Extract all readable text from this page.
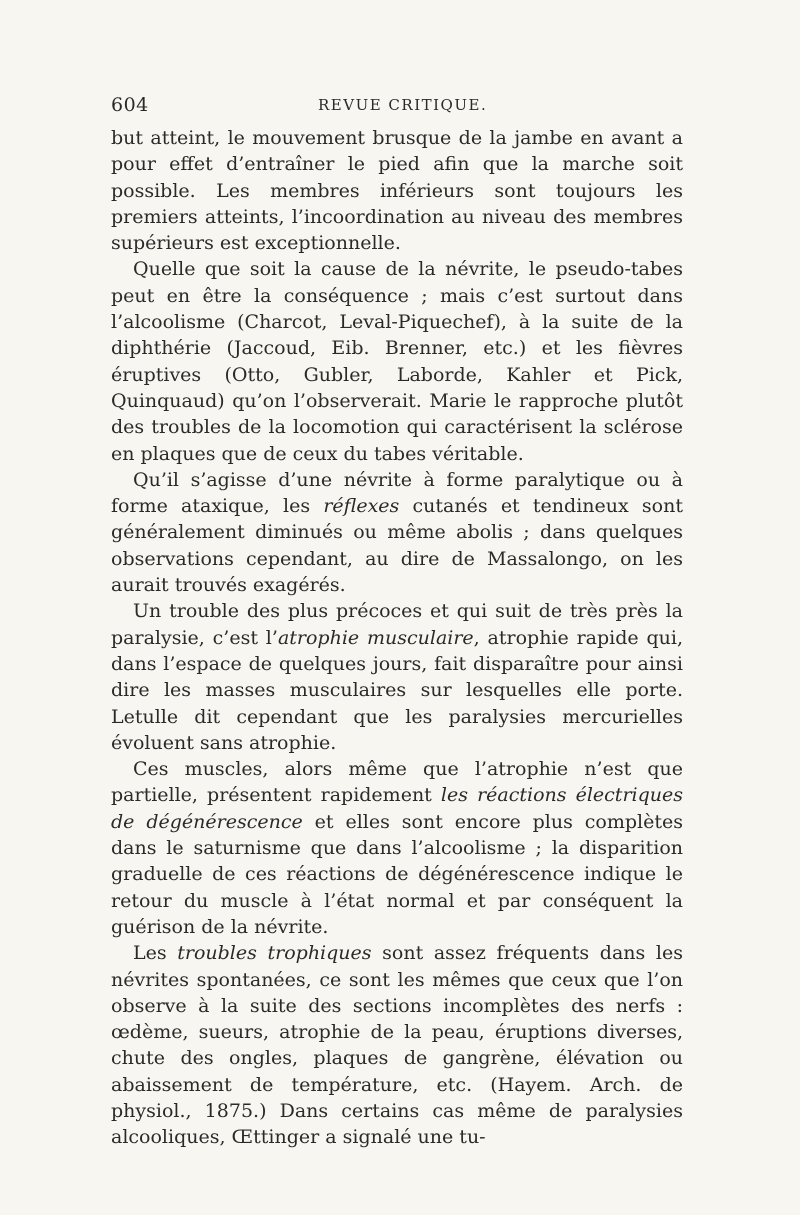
604	REVUE CRITIQUE.

but atteint, le mouvement brusque de la jambe en avant a pour effet d’entraîner le pied afin que la marche soit possible. Les membres inférieurs sont toujours les premiers atteints, l’incoordination au niveau des membres supérieurs est exceptionnelle.

Quelle que soit la cause de la névrite, le pseudo-tabes peut en être la conséquence ; mais c’est surtout dans l’alcoolisme (Charcot, Leval-Piquechef), à la suite de la diphthérie (Jaccoud, Eib. Brenner, etc.) et les fièvres éruptives (Otto, Gubler, Laborde, Kahler et Pick, Quinquaud) qu’on l’observerait. Marie le rapproche plutôt des troubles de la locomotion qui caractérisent la sclérose en plaques que de ceux du tabes véritable.

Qu’il s’agisse d’une névrite à forme paralytique ou à forme ataxique, les réflexes cutanés et tendineux sont généralement diminués ou même abolis ; dans quelques observations cependant, au dire de Massalongo, on les aurait trouvés exagérés.

Un trouble des plus précoces et qui suit de très près la paralysie, c’est l’atrophie musculaire, atrophie rapide qui, dans l’espace de quelques jours, fait disparaître pour ainsi dire les masses musculaires sur lesquelles elle porte. Letulle dit cependant que les paralysies mercurielles évoluent sans atrophie.

Ces muscles, alors même que l’atrophie n’est que partielle, présentent rapidement les réactions électriques de dégénérescence et elles sont encore plus complètes dans le saturnisme que dans l’alcoolisme ; la disparition graduelle de ces réactions de dégénérescence indique le retour du muscle à l’état normal et par conséquent la guérison de la névrite.

Les troubles trophiques sont assez fréquents dans les névrites spontanées, ce sont les mêmes que ceux que l’on observe à la suite des sections incomplètes des nerfs : œdème, sueurs, atrophie de la peau, éruptions diverses, chute des ongles, plaques de gangrène, élévation ou abaissement de température, etc. (Hayem. Arch. de physiol., 1875.) Dans certains cas même de paralysies alcooliques, Œttinger a signalé une tu-
